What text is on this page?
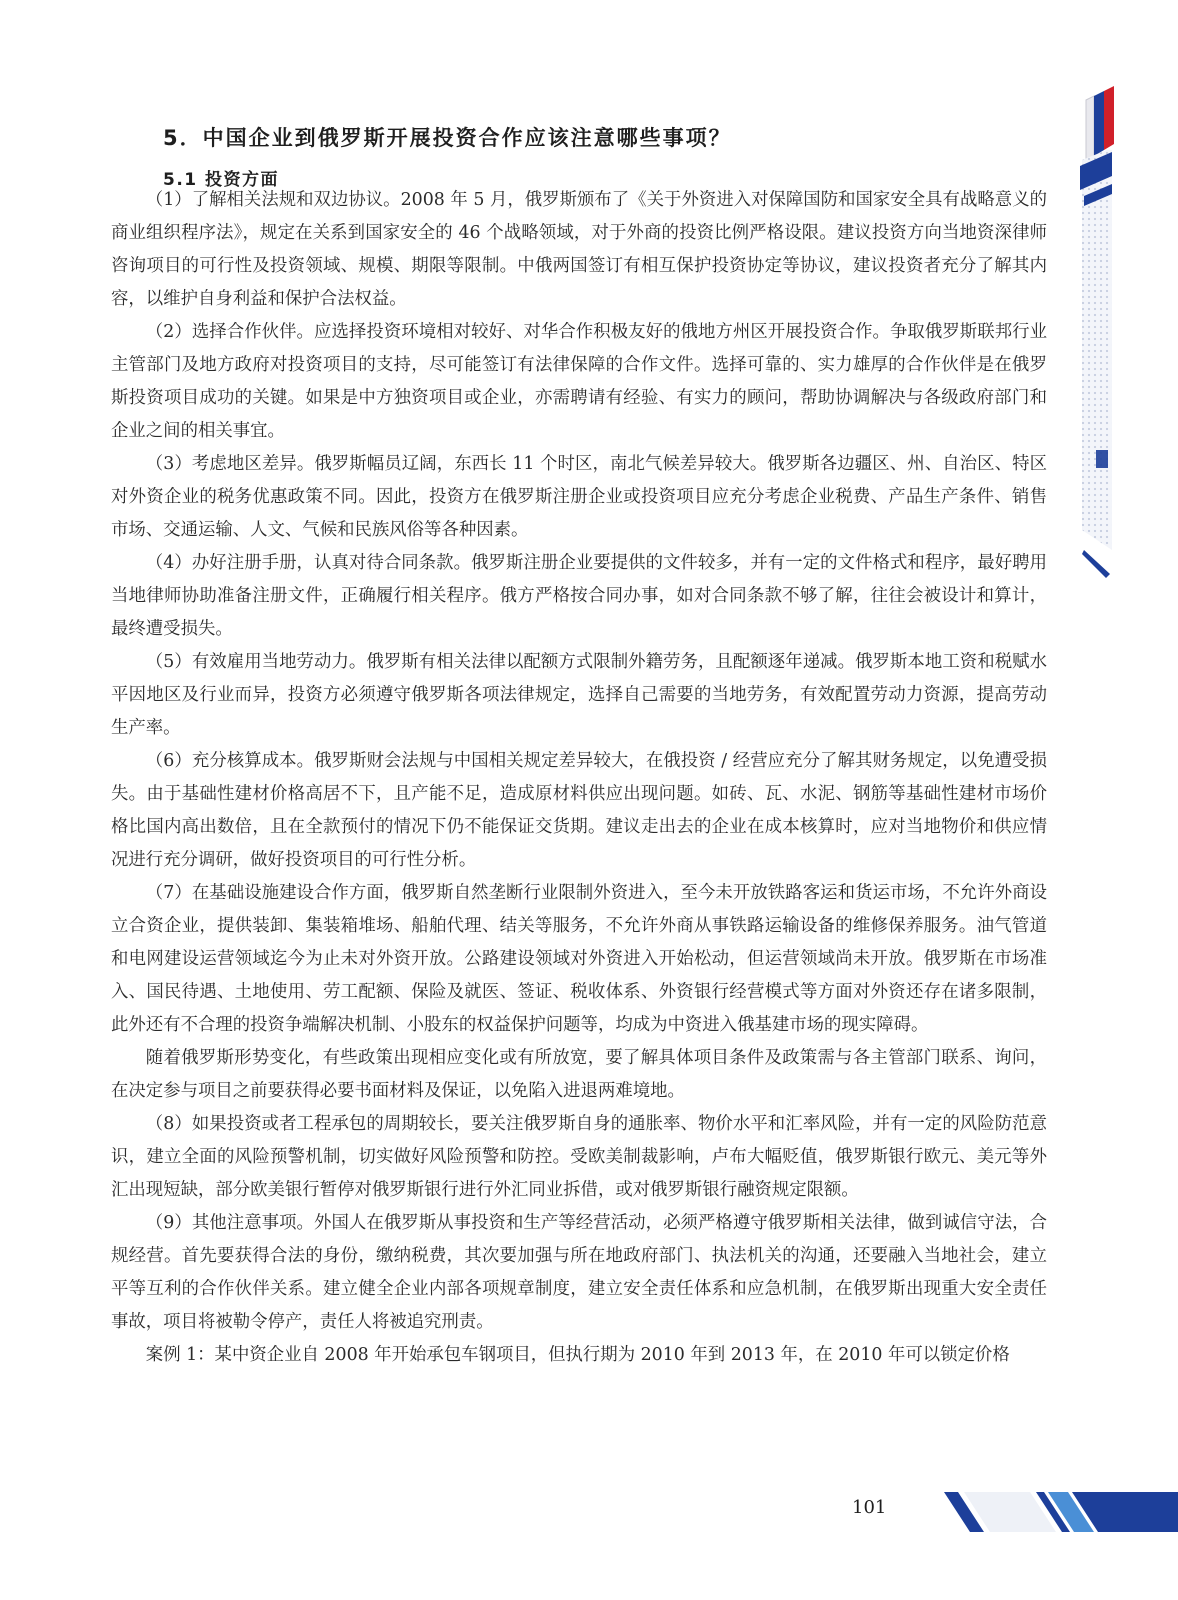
5．中国企业到俄罗斯开展投资合作应该注意哪些事项？
5.1 投资方面

（1）了解相关法规和双边协议。2008 年 5 月，俄罗斯颁布了《关于外资进入对保障国防和国家安全具有战略意义的商业组织程序法》，规定在关系到国家安全的 46 个战略领域，对于外商的投资比例严格设限。建议投资方向当地资深律师咨询项目的可行性及投资领域、规模、期限等限制。中俄两国签订有相互保护投资协定等协议，建议投资者充分了解其内容，以维护自身利益和保护合法权益。

（2）选择合作伙伴。应选择投资环境相对较好、对华合作积极友好的俄地方州区开展投资合作。争取俄罗斯联邦行业主管部门及地方政府对投资项目的支持，尽可能签订有法律保障的合作文件。选择可靠的、实力雄厚的合作伙伴是在俄罗斯投资项目成功的关键。如果是中方独资项目或企业，亦需聘请有经验、有实力的顾问，帮助协调解决与各级政府部门和企业之间的相关事宜。

（3）考虑地区差异。俄罗斯幅员辽阔，东西长 11 个时区，南北气候差异较大。俄罗斯各边疆区、州、自治区、特区对外资企业的税务优惠政策不同。因此，投资方在俄罗斯注册企业或投资项目应充分考虑企业税费、产品生产条件、销售市场、交通运输、人文、气候和民族风俗等各种因素。

（4）办好注册手册，认真对待合同条款。俄罗斯注册企业要提供的文件较多，并有一定的文件格式和程序，最好聘用当地律师协助准备注册文件，正确履行相关程序。俄方严格按合同办事，如对合同条款不够了解，往往会被设计和算计，最终遭受损失。

（5）有效雇用当地劳动力。俄罗斯有相关法律以配额方式限制外籍劳务，且配额逐年递减。俄罗斯本地工资和税赋水平因地区及行业而异，投资方必须遵守俄罗斯各项法律规定，选择自己需要的当地劳务，有效配置劳动力资源，提高劳动生产率。

（6）充分核算成本。俄罗斯财会法规与中国相关规定差异较大，在俄投资 / 经营应充分了解其财务规定，以免遭受损失。由于基础性建材价格高居不下，且产能不足，造成原材料供应出现问题。如砖、瓦、水泥、钢筋等基础性建材市场价格比国内高出数倍，且在全款预付的情况下仍不能保证交货期。建议走出去的企业在成本核算时，应对当地物价和供应情况进行充分调研，做好投资项目的可行性分析。

（7）在基础设施建设合作方面，俄罗斯自然垄断行业限制外资进入，至今未开放铁路客运和货运市场，不允许外商设立合资企业，提供装卸、集装箱堆场、船舶代理、结关等服务，不允许外商从事铁路运输设备的维修保养服务。油气管道和电网建设运营领域迄今为止未对外资开放。公路建设领域对外资进入开始松动，但运营领域尚未开放。俄罗斯在市场准入、国民待遇、土地使用、劳工配额、保险及就医、签证、税收体系、外资银行经营模式等方面对外资还存在诸多限制，此外还有不合理的投资争端解决机制、小股东的权益保护问题等，均成为中资进入俄基建市场的现实障碍。

随着俄罗斯形势变化，有些政策出现相应变化或有所放宽，要了解具体项目条件及政策需与各主管部门联系、询问，在决定参与项目之前要获得必要书面材料及保证，以免陷入进退两难境地。

（8）如果投资或者工程承包的周期较长，要关注俄罗斯自身的通胀率、物价水平和汇率风险，并有一定的风险防范意识，建立全面的风险预警机制，切实做好风险预警和防控。受欧美制裁影响，卢布大幅贬值，俄罗斯银行欧元、美元等外汇出现短缺，部分欧美银行暂停对俄罗斯银行进行外汇同业拆借，或对俄罗斯银行融资规定限额。

（9）其他注意事项。外国人在俄罗斯从事投资和生产等经营活动，必须严格遵守俄罗斯相关法律，做到诚信守法，合规经营。首先要获得合法的身份，缴纳税费，其次要加强与所在地政府部门、执法机关的沟通，还要融入当地社会，建立平等互利的合作伙伴关系。建立健全企业内部各项规章制度，建立安全责任体系和应急机制，在俄罗斯出现重大安全责任事故，项目将被勒令停产，责任人将被追究刑责。

案例 1：某中资企业自 2008 年开始承包车钢项目，但执行期为 2010 年到 2013 年，在 2010 年可以锁定价格

101
